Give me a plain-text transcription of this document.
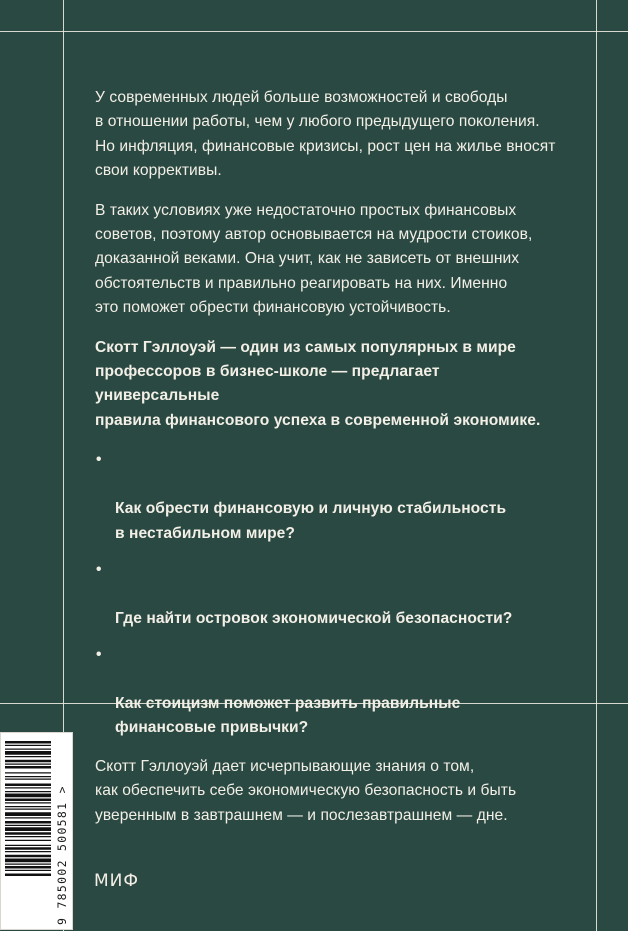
У современных людей больше возможностей и свободы
в отношении работы, чем у любого предыдущего поколения.
Но инфляция, финансовые кризисы, рост цен на жилье вносят
свои коррективы.

В таких условиях уже недостаточно простых финансовых
советов, поэтому автор основывается на мудрости стоиков,
доказанной веками. Она учит, как не зависеть от внешних
обстоятельств и правильно реагировать на них. Именно
это поможет обрести финансовую устойчивость.

Скотт Гэллоуэй — один из самых популярных в мире
профессоров в бизнес-школе — предлагает универсальные
правила финансового успеха в современной экономике.

•

Как обрести финансовую и личную стабильность
в нестабильном мире?

•

Где найти островок экономической безопасности?

•

Как стоицизм поможет развить правильные
финансовые привычки?

Скотт Гэллоуэй дает исчерпывающие знания о том,
как обеспечить себе экономическую безопасность и быть
уверенным в завтрашнем — и послезавтрашнем — дне.

9 785002 500581 > МИФ
